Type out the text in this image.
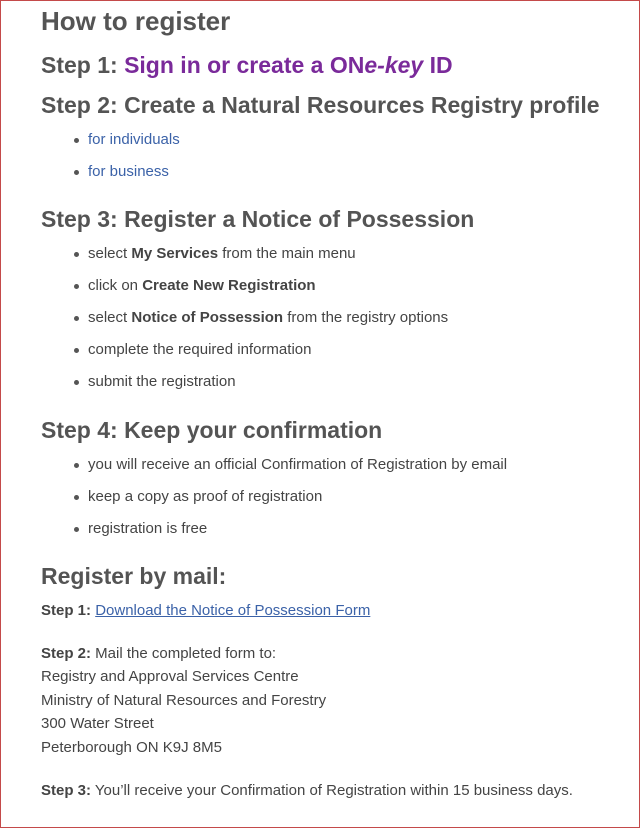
How to register
Step 1: Sign in or create a ONe-key ID
Step 2: Create a Natural Resources Registry profile
for individuals
for business
Step 3: Register a Notice of Possession
select My Services from the main menu
click on Create New Registration
select Notice of Possession from the registry options
complete the required information
submit the registration
Step 4: Keep your confirmation
you will receive an official Confirmation of Registration by email
keep a copy as proof of registration
registration is free
Register by mail:
Step 1: Download the Notice of Possession Form
Step 2: Mail the completed form to:
Registry and Approval Services Centre
Ministry of Natural Resources and Forestry
300 Water Street
Peterborough ON K9J 8M5
Step 3: You’ll receive your Confirmation of Registration within 15 business days.
